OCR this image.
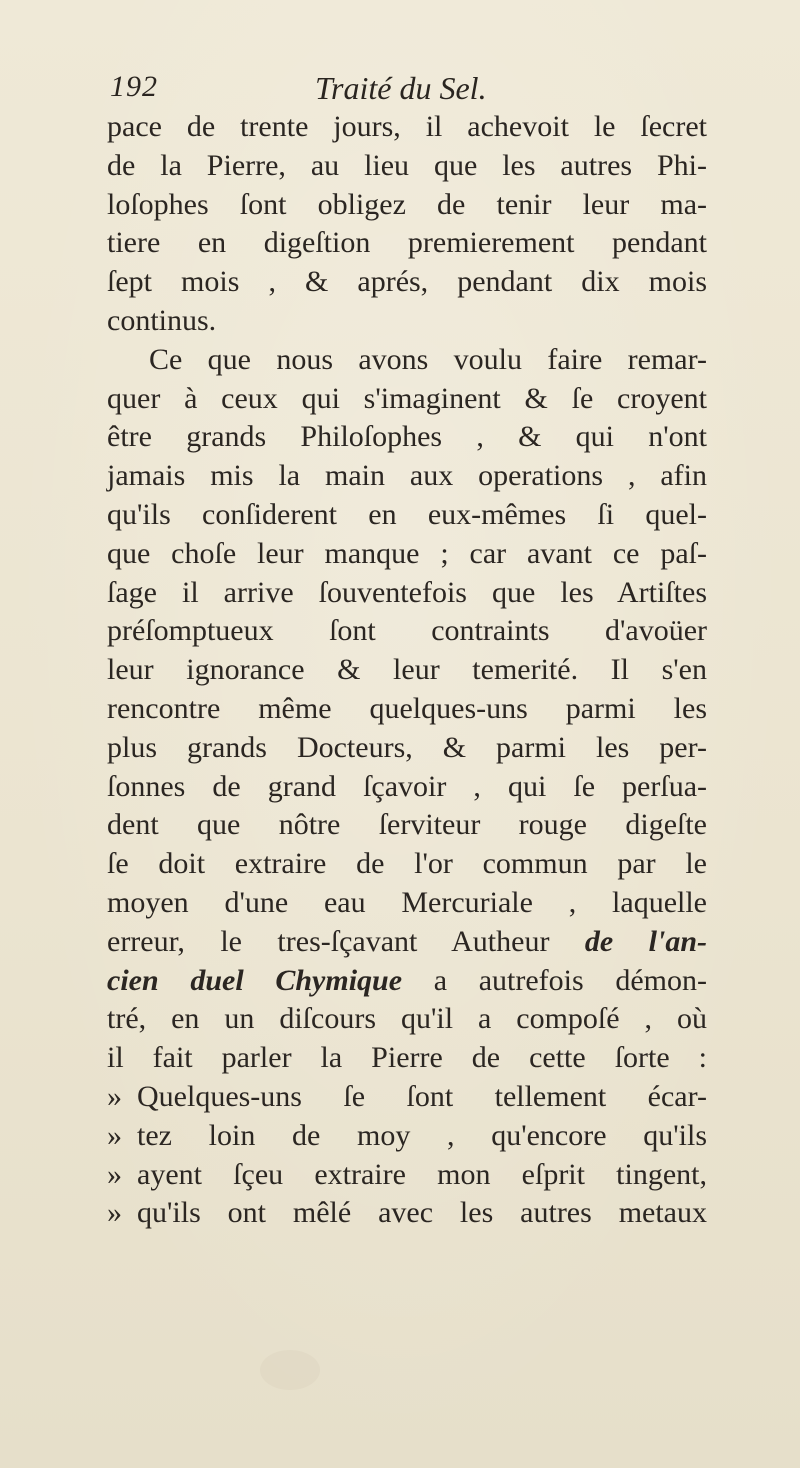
192	Traité du Sel.
pace de trente jours, il achevoit le ſecret
de la Pierre, au lieu que les autres Phi-
loſophes ſont obligez de tenir leur ma-
tiere en digeſtion premierement pendant
ſept mois , & aprés, pendant dix mois
continus.
Ce que nous avons voulu faire remar-
quer à ceux qui s'imaginent & ſe croyent
être grands Philoſophes , & qui n'ont
jamais mis la main aux operations , afin
qu'ils conſiderent en eux-mêmes ſi quel-
que choſe leur manque ; car avant ce paſ-
ſage il arrive ſouventefois que les Artiſtes
préſomptueux ſont contraints d'avoüer
leur ignorance & leur temerité. Il s'en
rencontre même quelques-uns parmi les
plus grands Docteurs, & parmi les per-
ſonnes de grand ſçavoir , qui ſe perſua-
dent que nôtre ſerviteur rouge digeſte
ſe doit extraire de l'or commun par le
moyen d'une eau Mercuriale , laquelle
erreur, le tres-ſçavant Autheur de l'an-
cien duel Chymique a autrefois démon-
tré, en un diſcours qu'il a compoſé , où
il fait parler la Pierre de cette ſorte :
» Quelques-uns ſe ſont tellement écar-
» tez loin de moy , qu'encore qu'ils
» ayent ſçeu extraire mon eſprit tingent,
» qu'ils ont mêlé avec les autres metaux
